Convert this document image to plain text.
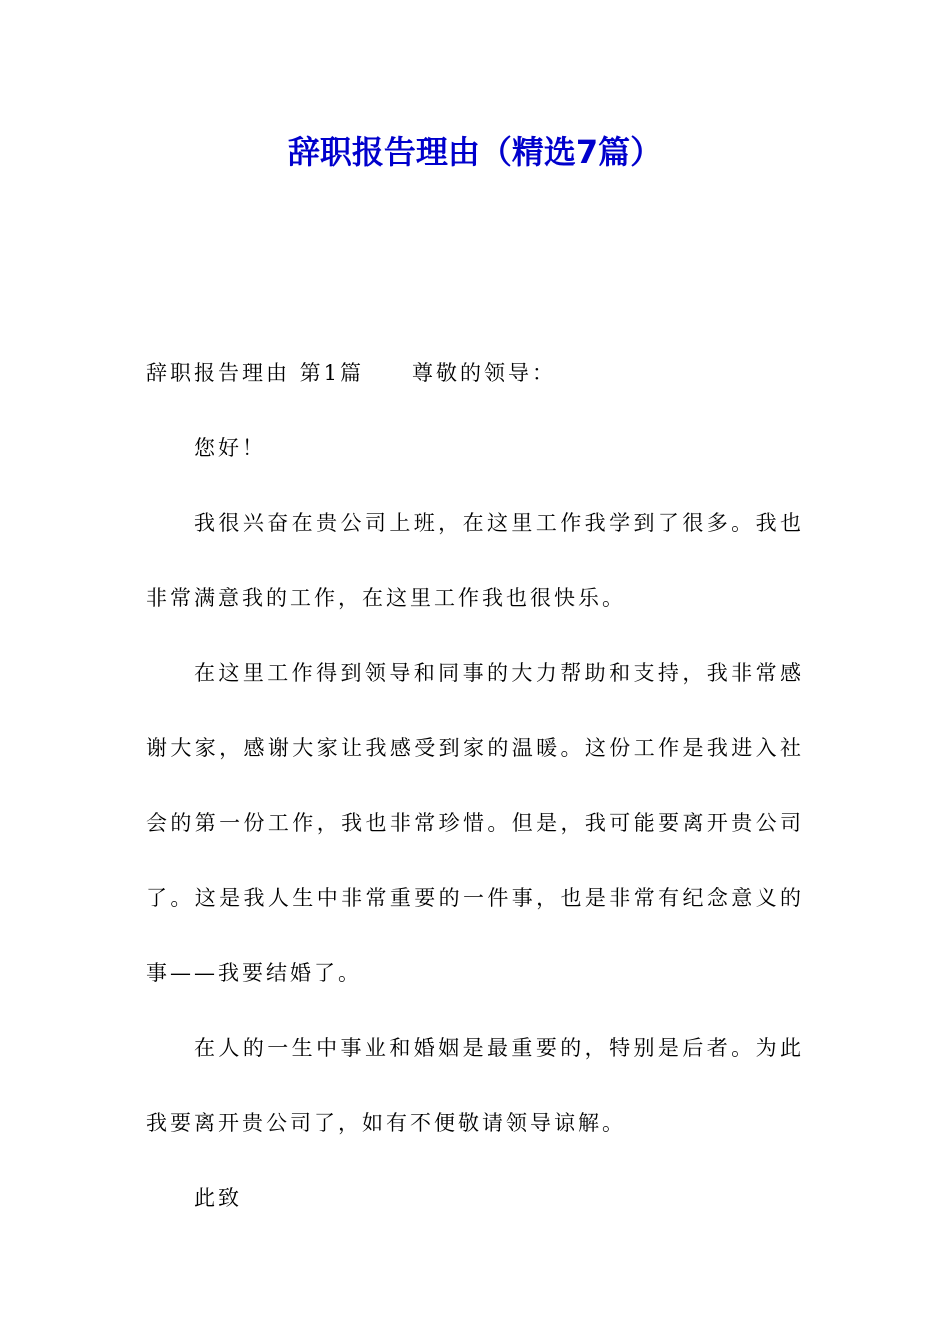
辞职报告理由（精选7篇）

辞职报告理由 第1篇 尊敬的领导：

您好！

我很兴奋在贵公司上班，在这里工作我学到了很多。我也非常满意我的工作，在这里工作我也很快乐。

在这里工作得到领导和同事的大力帮助和支持，我非常感谢大家，感谢大家让我感受到家的温暖。这份工作是我进入社会的第一份工作，我也非常珍惜。但是，我可能要离开贵公司了。这是我人生中非常重要的一件事，也是非常有纪念意义的事——我要结婚了。

在人的一生中事业和婚姻是最重要的，特别是后者。为此我要离开贵公司了，如有不便敬请领导谅解。

此致
